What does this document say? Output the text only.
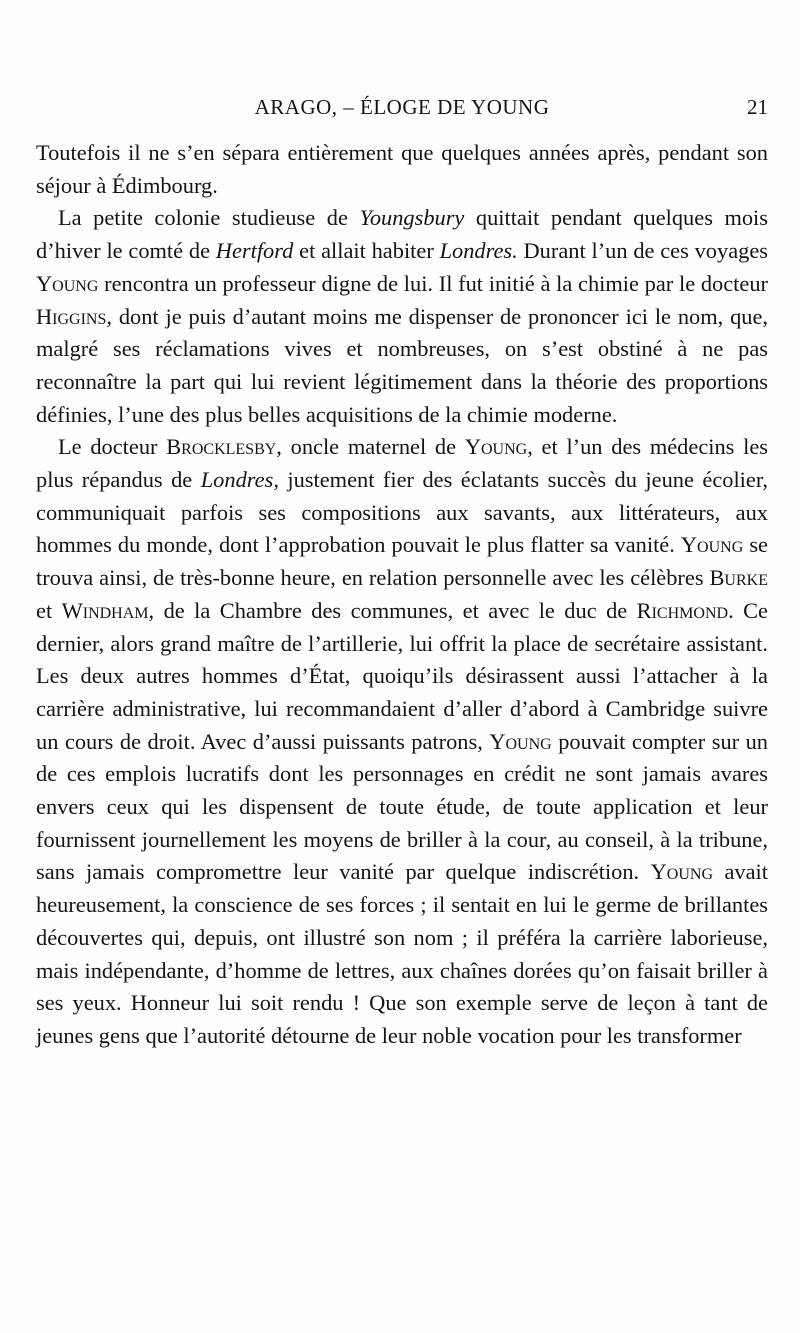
ARAGO, – ÉLOGE DE YOUNG	21

Toutefois il ne s’en sépara entièrement que quelques années après, pendant son séjour à Édimbourg.

La petite colonie studieuse de Youngsbury quittait pendant quelques mois d’hiver le comté de Hertford et allait habiter Londres. Durant l’un de ces voyages Young rencontra un professeur digne de lui. Il fut initié à la chimie par le docteur Higgins, dont je puis d’autant moins me dispenser de prononcer ici le nom, que, malgré ses réclamations vives et nombreuses, on s’est obstiné à ne pas reconnaître la part qui lui revient légitimement dans la théorie des proportions définies, l’une des plus belles acquisitions de la chimie moderne.

Le docteur Brocklesby, oncle maternel de Young, et l’un des médecins les plus répandus de Londres, justement fier des éclatants succès du jeune écolier, communiquait parfois ses compositions aux savants, aux littérateurs, aux hommes du monde, dont l’approbation pouvait le plus flatter sa vanité. Young se trouva ainsi, de très-bonne heure, en relation personnelle avec les célèbres Burke et Windham, de la Chambre des communes, et avec le duc de Richmond. Ce dernier, alors grand maître de l’artillerie, lui offrit la place de secrétaire assistant. Les deux autres hommes d’État, quoiqu’ils désirassent aussi l’attacher à la carrière administrative, lui recommandaient d’aller d’abord à Cambridge suivre un cours de droit. Avec d’aussi puissants patrons, Young pouvait compter sur un de ces emplois lucratifs dont les personnages en crédit ne sont jamais avares envers ceux qui les dispensent de toute étude, de toute application et leur fournissent journellement les moyens de briller à la cour, au conseil, à la tribune, sans jamais compromettre leur vanité par quelque indiscrétion. Young avait heureusement, la conscience de ses forces ; il sentait en lui le germe de brillantes découvertes qui, depuis, ont illustré son nom ; il préféra la carrière laborieuse, mais indépendante, d’homme de lettres, aux chaînes dorées qu’on faisait briller à ses yeux. Honneur lui soit rendu ! Que son exemple serve de leçon à tant de jeunes gens que l’autorité détourne de leur noble vocation pour les transformer
